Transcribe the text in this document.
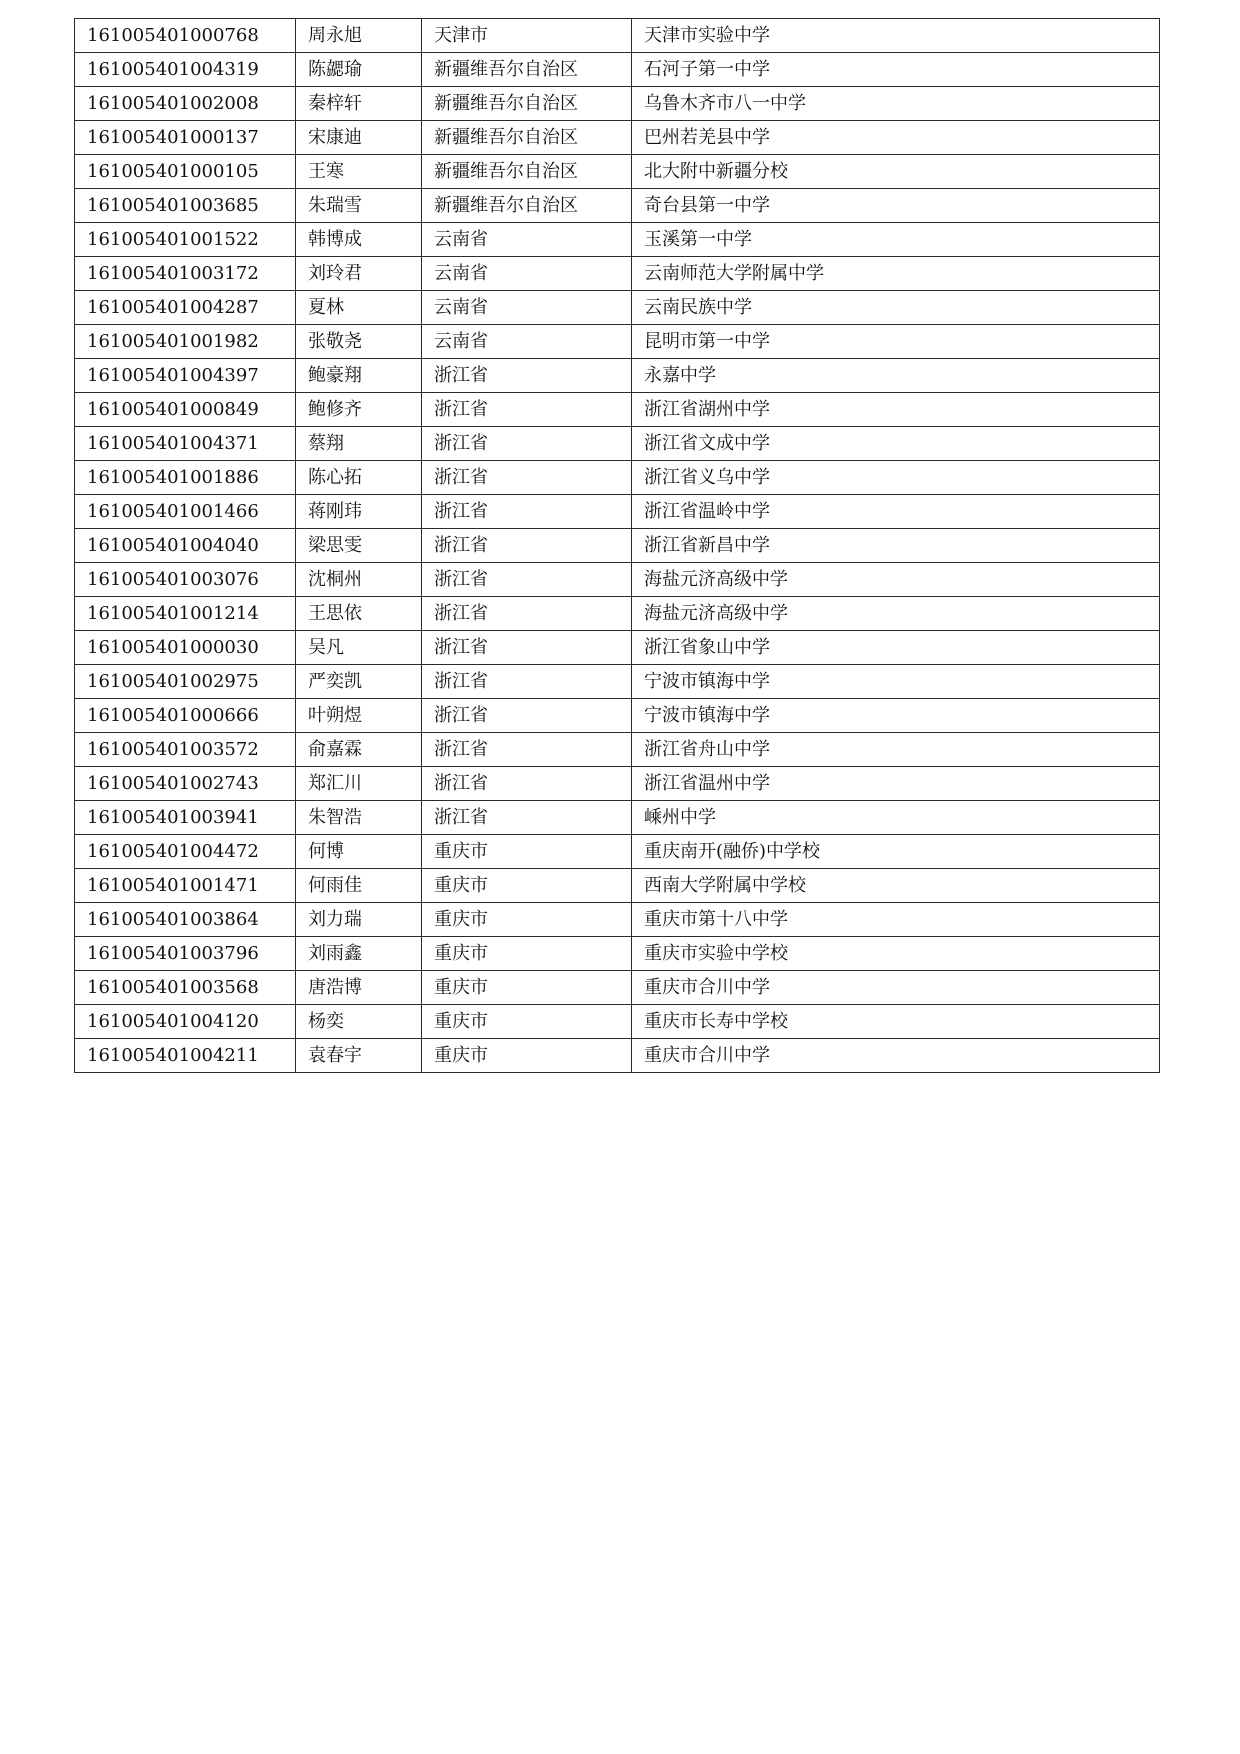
161005401000768	周永旭	天津市	天津市实验中学
161005401004319	陈勰瑜	新疆维吾尔自治区	石河子第一中学
161005401002008	秦梓轩	新疆维吾尔自治区	乌鲁木齐市八一中学
161005401000137	宋康迪	新疆维吾尔自治区	巴州若羌县中学
161005401000105	王寒	新疆维吾尔自治区	北大附中新疆分校
161005401003685	朱瑞雪	新疆维吾尔自治区	奇台县第一中学
161005401001522	韩博成	云南省	玉溪第一中学
161005401003172	刘玲君	云南省	云南师范大学附属中学
161005401004287	夏林	云南省	云南民族中学
161005401001982	张敬尧	云南省	昆明市第一中学
161005401004397	鲍豪翔	浙江省	永嘉中学
161005401000849	鲍修齐	浙江省	浙江省湖州中学
161005401004371	蔡翔	浙江省	浙江省文成中学
161005401001886	陈心拓	浙江省	浙江省义乌中学
161005401001466	蒋刚玮	浙江省	浙江省温岭中学
161005401004040	梁思雯	浙江省	浙江省新昌中学
161005401003076	沈桐州	浙江省	海盐元济高级中学
161005401001214	王思依	浙江省	海盐元济高级中学
161005401000030	吴凡	浙江省	浙江省象山中学
161005401002975	严奕凯	浙江省	宁波市镇海中学
161005401000666	叶朔煜	浙江省	宁波市镇海中学
161005401003572	俞嘉霖	浙江省	浙江省舟山中学
161005401002743	郑汇川	浙江省	浙江省温州中学
161005401003941	朱智浩	浙江省	嵊州中学
161005401004472	何博	重庆市	重庆南开(融侨)中学校
161005401001471	何雨佳	重庆市	西南大学附属中学校
161005401003864	刘力瑞	重庆市	重庆市第十八中学
161005401003796	刘雨鑫	重庆市	重庆市实验中学校
161005401003568	唐浩博	重庆市	重庆市合川中学
161005401004120	杨奕	重庆市	重庆市长寿中学校
161005401004211	袁春宇	重庆市	重庆市合川中学
